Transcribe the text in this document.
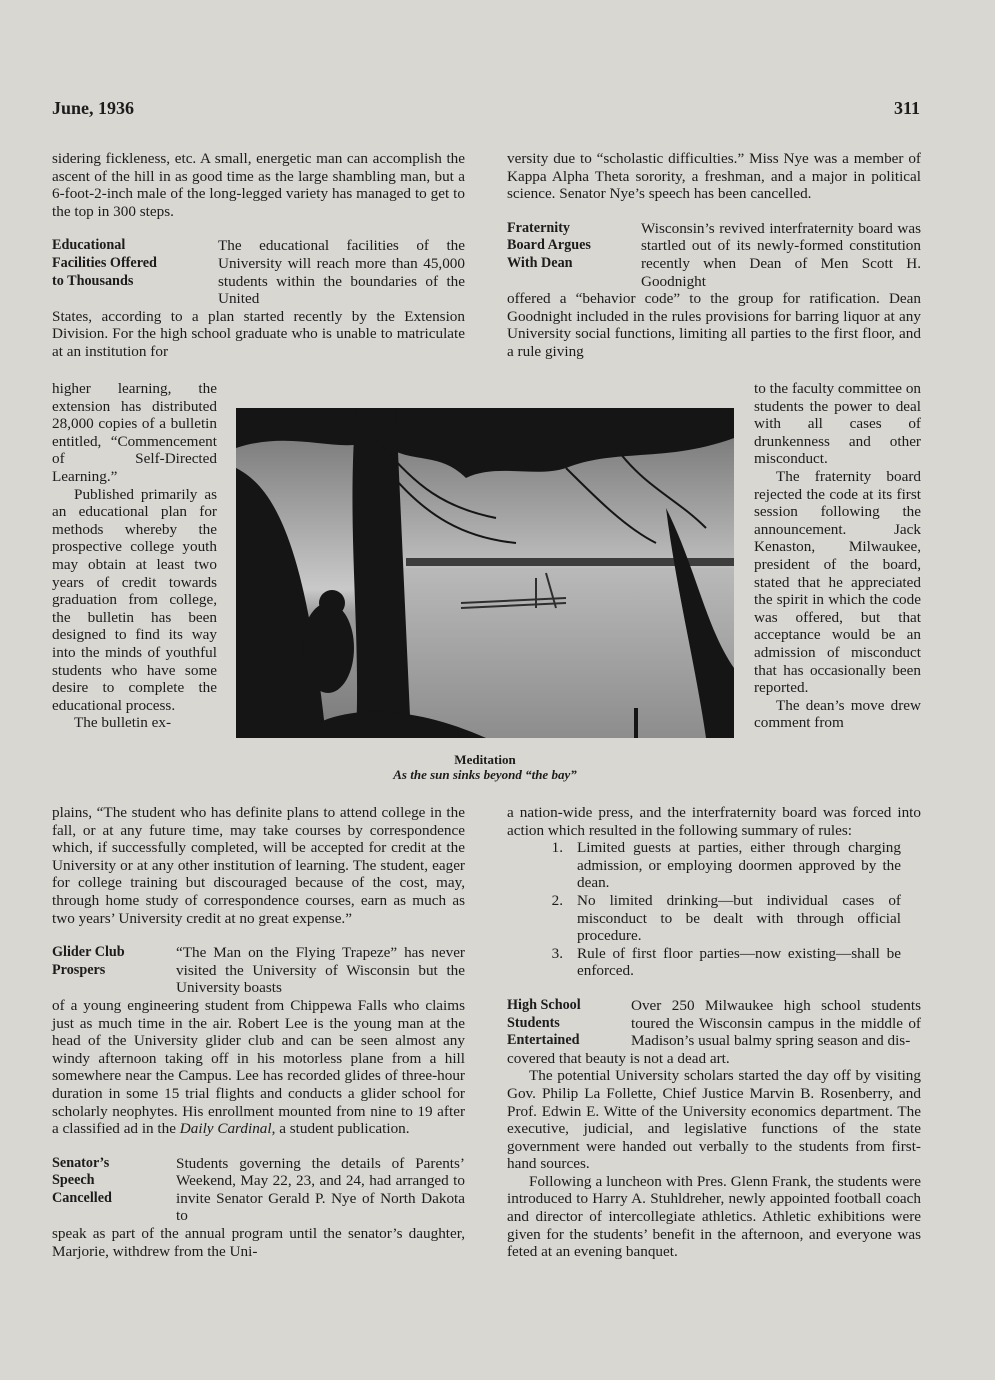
June, 1936	311

sidering fickleness, etc. A small, energetic man can accomplish the ascent of the hill in as good time as the large shambling man, but a 6-foot-2-inch male of the long-legged variety has managed to get to the top in 300 steps.

Educational
Facilities Offered
to Thousands

The educational facilities of the University will reach more than 45,000 students within the boundaries of the United

States, according to a plan started recently by the Extension Division. For the high school graduate who is unable to matriculate at an institution for

higher learning, the extension has distributed 28,000 copies of a bulletin entitled, “Commencement of Self-Directed Learning.”

Published primarily as an educational plan for methods whereby the prospective college youth may obtain at least two years of credit towards graduation from college, the bulletin has been designed to find its way into the minds of youthful students who have some desire to complete the educational process.

The bulletin ex-

plains, “The student who has definite plans to attend college in the fall, or at any future time, may take courses by correspondence which, if successfully completed, will be accepted for credit at the University or at any other institution of learning. The student, eager for college training but discouraged because of the cost, may, through home study of correspondence courses, earn as much as two years’ University credit at no great expense.”

Glider Club
Prospers

“The Man on the Flying Trapeze” has never visited the University of Wisconsin but the University boasts

of a young engineering student from Chippewa Falls who claims just as much time in the air. Robert Lee is the young man at the head of the University glider club and can be seen almost any windy afternoon taking off in his motorless plane from a hill somewhere near the Campus. Lee has recorded glides of three-hour duration in some 15 trial flights and conducts a glider school for scholarly neophytes. His enrollment mounted from nine to 19 after a classified ad in the Daily Cardinal, a student publication.

Senator’s
Speech
Cancelled

Students governing the details of Parents’ Weekend, May 22, 23, and 24, had arranged to invite Senator Gerald P. Nye of North Dakota to

speak as part of the annual program until the senator’s daughter, Marjorie, withdrew from the Uni-

versity due to “scholastic difficulties.” Miss Nye was a member of Kappa Alpha Theta sorority, a freshman, and a major in political science. Senator Nye’s speech has been cancelled.

Fraternity
Board Argues
With Dean

Wisconsin’s revived interfraternity board was startled out of its newly-formed constitution recently when Dean of Men Scott H. Goodnight

offered a “behavior code” to the group for ratification. Dean Goodnight included in the rules provisions for barring liquor at any University social functions, limiting all parties to the first floor, and a rule giving

to the faculty committee on students the power to deal with all cases of drunkenness and other misconduct.

The fraternity board rejected the code at its first session following the announcement. Jack Kenaston, Milwaukee, president of the board, stated that he appreciated the spirit in which the code was offered, but that acceptance would be an admission of misconduct that has occasionally been reported.

The dean’s move drew comment from

a nation-wide press, and the interfraternity board was forced into action which resulted in the following summary of rules:

1. Limited guests at parties, either through charging admission, or employing doormen approved by the dean.
2. No limited drinking—but individual cases of misconduct to be dealt with through official procedure.
3. Rule of first floor parties—now existing—shall be enforced.
High School
Students
Entertained

Over 250 Milwaukee high school students toured the Wisconsin campus in the middle of Madison’s usual balmy spring season and dis-

covered that beauty is not a dead art.

The potential University scholars started the day off by visiting Gov. Philip La Follette, Chief Justice Marvin B. Rosenberry, and Prof. Edwin E. Witte of the University economics department. The executive, judicial, and legislative functions of the state government were handed out verbally to the students from first-hand sources.

Following a luncheon with Pres. Glenn Frank, the students were introduced to Harry A. Stuhldreher, newly appointed football coach and director of intercollegiate athletics. Athletic exhibitions were given for the students’ benefit in the afternoon, and everyone was feted at an evening banquet.

Meditation
As the sun sinks beyond “the bay”
